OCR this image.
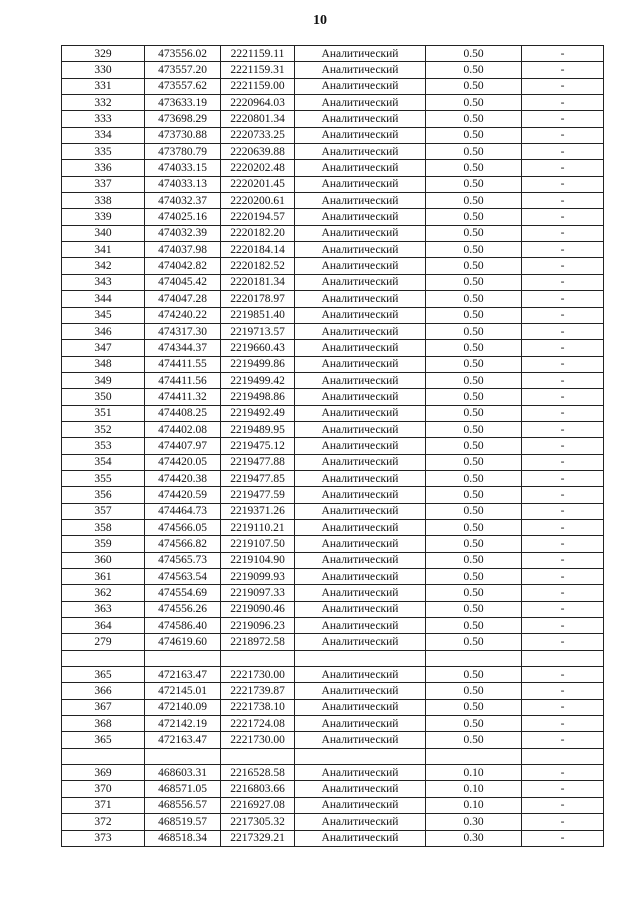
10
329	473556.02	2221159.11	Аналитический	0.50	-
330	473557.20	2221159.31	Аналитический	0.50	-
331	473557.62	2221159.00	Аналитический	0.50	-
332	473633.19	2220964.03	Аналитический	0.50	-
333	473698.29	2220801.34	Аналитический	0.50	-
334	473730.88	2220733.25	Аналитический	0.50	-
335	473780.79	2220639.88	Аналитический	0.50	-
336	474033.15	2220202.48	Аналитический	0.50	-
337	474033.13	2220201.45	Аналитический	0.50	-
338	474032.37	2220200.61	Аналитический	0.50	-
339	474025.16	2220194.57	Аналитический	0.50	-
340	474032.39	2220182.20	Аналитический	0.50	-
341	474037.98	2220184.14	Аналитический	0.50	-
342	474042.82	2220182.52	Аналитический	0.50	-
343	474045.42	2220181.34	Аналитический	0.50	-
344	474047.28	2220178.97	Аналитический	0.50	-
345	474240.22	2219851.40	Аналитический	0.50	-
346	474317.30	2219713.57	Аналитический	0.50	-
347	474344.37	2219660.43	Аналитический	0.50	-
348	474411.55	2219499.86	Аналитический	0.50	-
349	474411.56	2219499.42	Аналитический	0.50	-
350	474411.32	2219498.86	Аналитический	0.50	-
351	474408.25	2219492.49	Аналитический	0.50	-
352	474402.08	2219489.95	Аналитический	0.50	-
353	474407.97	2219475.12	Аналитический	0.50	-
354	474420.05	2219477.88	Аналитический	0.50	-
355	474420.38	2219477.85	Аналитический	0.50	-
356	474420.59	2219477.59	Аналитический	0.50	-
357	474464.73	2219371.26	Аналитический	0.50	-
358	474566.05	2219110.21	Аналитический	0.50	-
359	474566.82	2219107.50	Аналитический	0.50	-
360	474565.73	2219104.90	Аналитический	0.50	-
361	474563.54	2219099.93	Аналитический	0.50	-
362	474554.69	2219097.33	Аналитический	0.50	-
363	474556.26	2219090.46	Аналитический	0.50	-
364	474586.40	2219096.23	Аналитический	0.50	-
279	474619.60	2218972.58	Аналитический	0.50	-

365	472163.47	2221730.00	Аналитический	0.50	-
366	472145.01	2221739.87	Аналитический	0.50	-
367	472140.09	2221738.10	Аналитический	0.50	-
368	472142.19	2221724.08	Аналитический	0.50	-
365	472163.47	2221730.00	Аналитический	0.50	-

369	468603.31	2216528.58	Аналитический	0.10	-
370	468571.05	2216803.66	Аналитический	0.10	-
371	468556.57	2216927.08	Аналитический	0.10	-
372	468519.57	2217305.32	Аналитический	0.30	-
373	468518.34	2217329.21	Аналитический	0.30	-
